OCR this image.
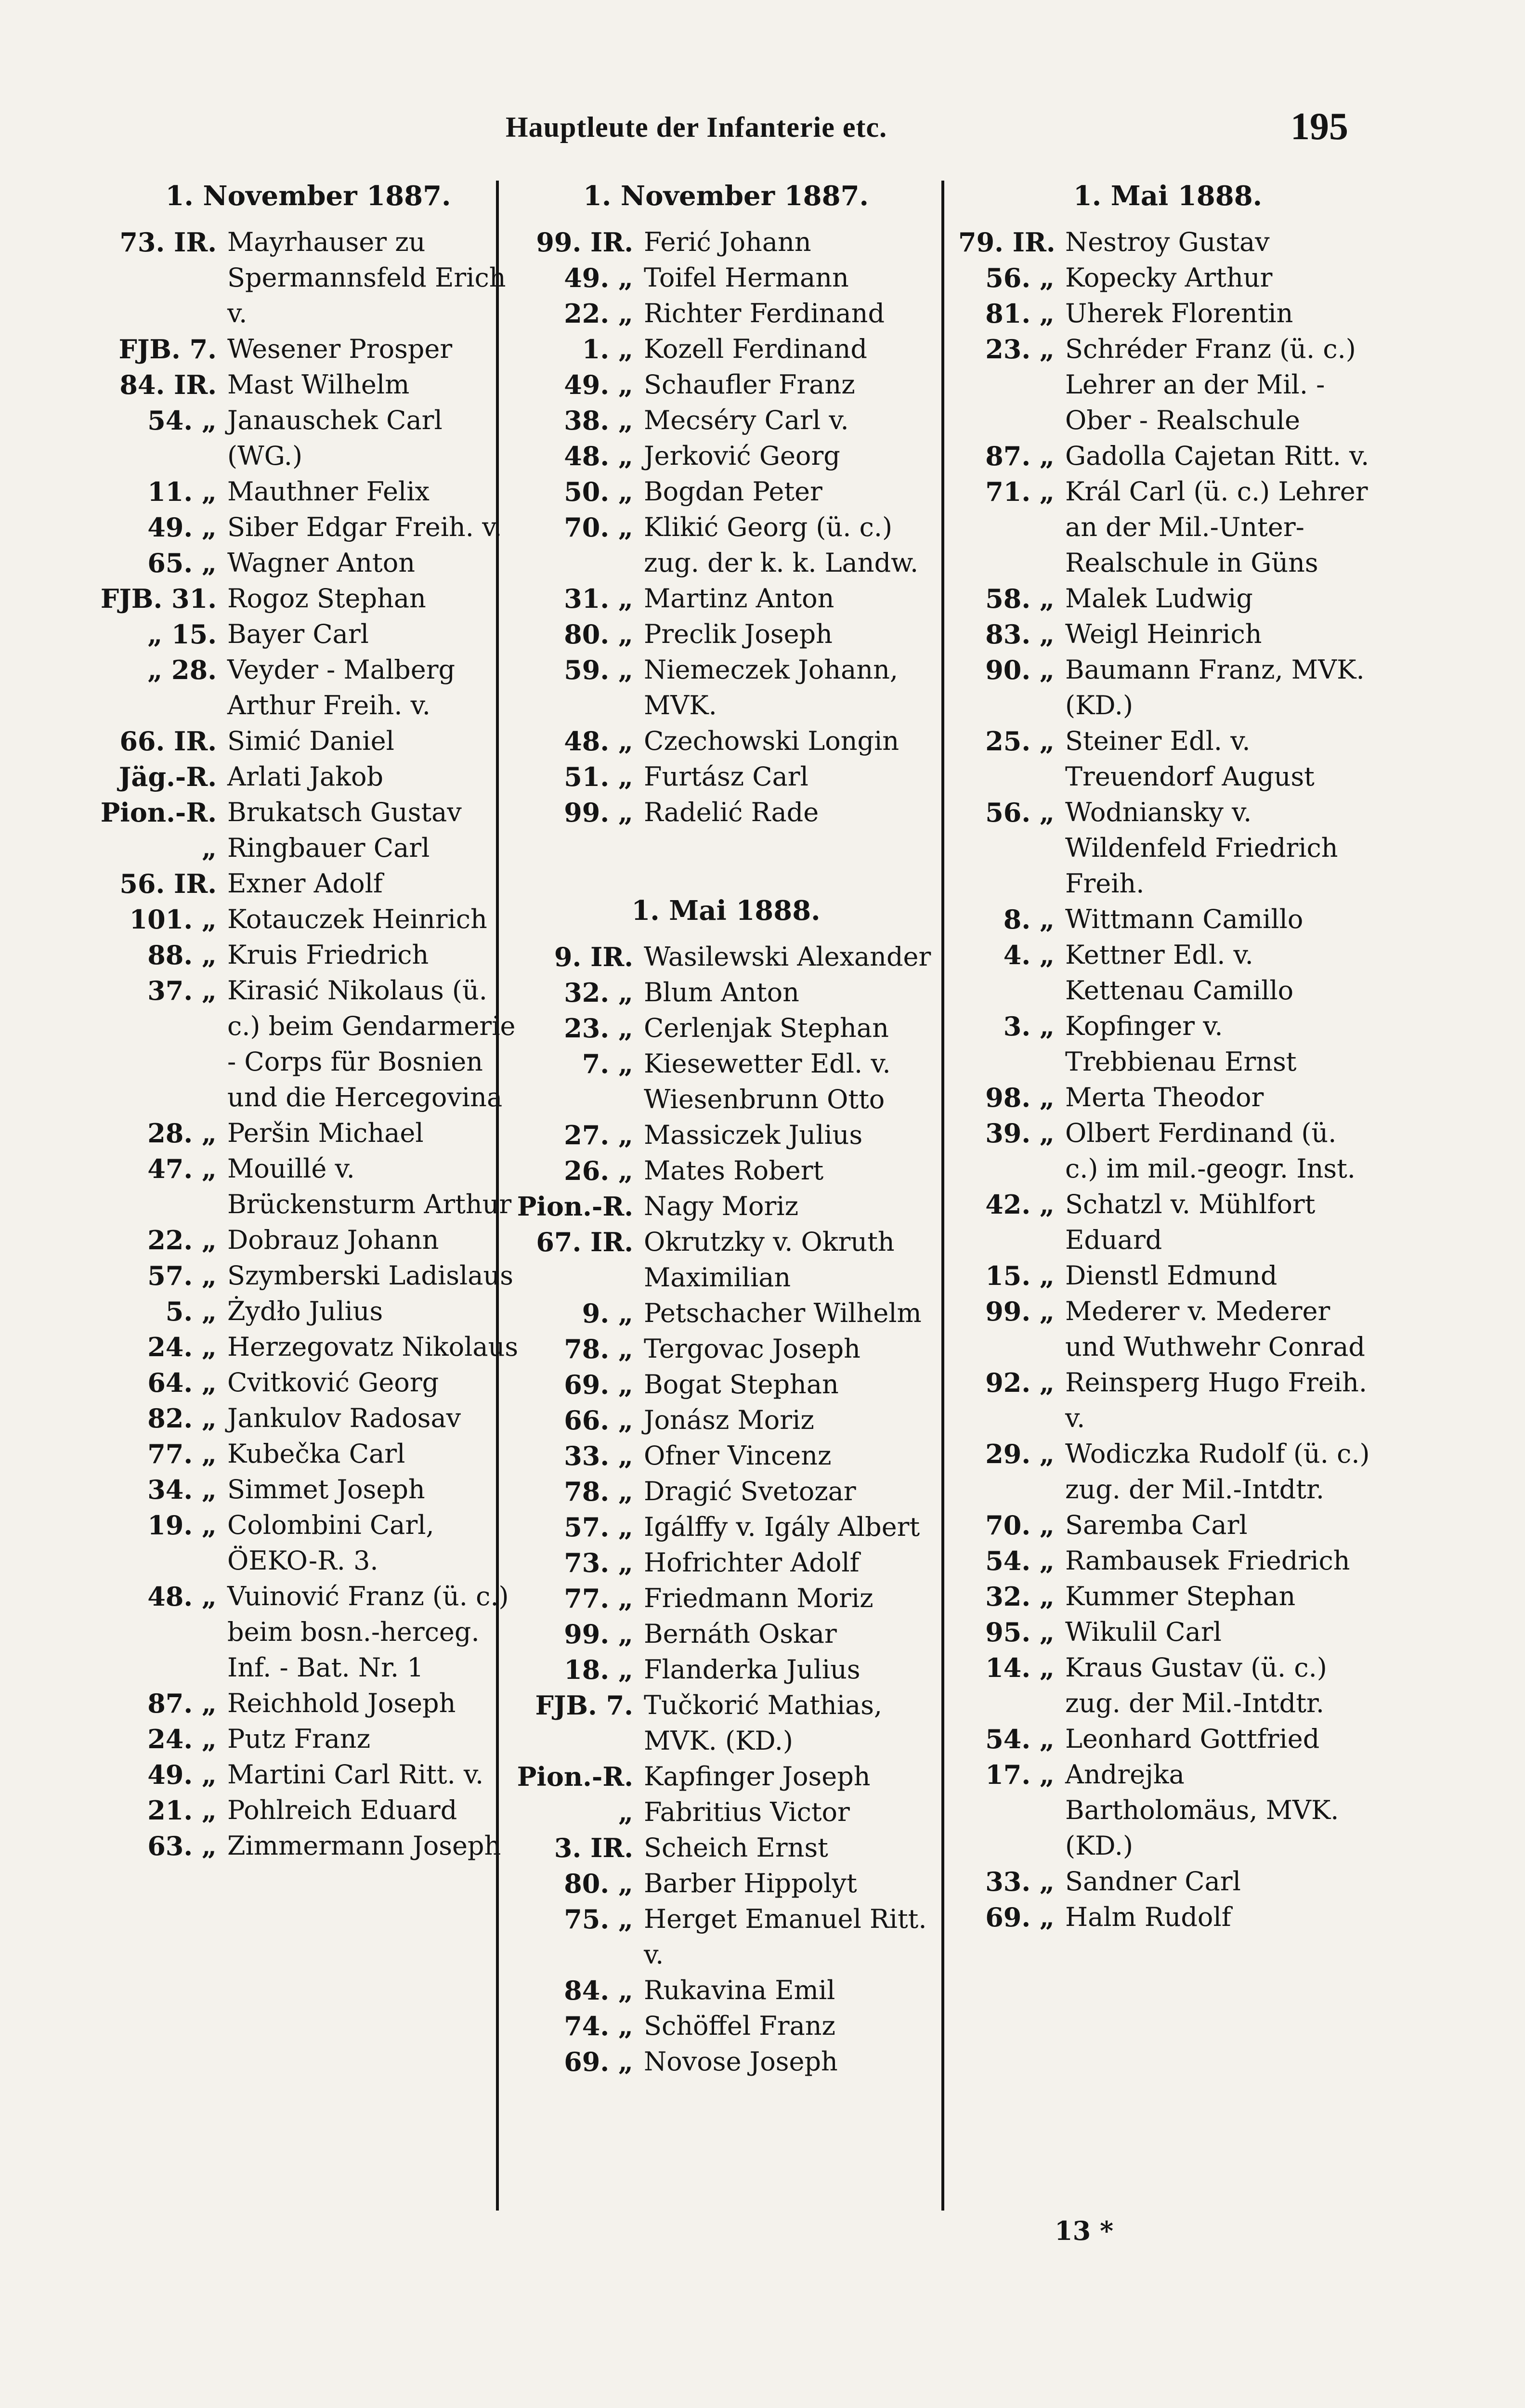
Hauptleute der Infanterie etc.	195
1. November 1887.
73. IR. Mayrhauser zu Spermannsfeld Erich v.
FJB. 7. Wesener Prosper
84. IR. Mast Wilhelm
54. „ Janauschek Carl (WG.)
11. „ Mauthner Felix
49. „ Siber Edgar Freih. v.
65. „ Wagner Anton
FJB. 31. Rogoz Stephan
„ 15. Bayer Carl
„ 28. Veyder - Malberg Arthur Freih. v.
66. IR. Simić Daniel
Jäg.-R. Arlati Jakob
Pion.-R. Brukatsch Gustav
„ Ringbauer Carl
56. IR. Exner Adolf
101. „ Kotauczek Heinrich
88. „ Kruis Friedrich
37. „ Kirasić Nikolaus (ü. c.) beim Gendarmerie - Corps für Bosnien und die Hercegovina
28. „ Peršin Michael
47. „ Mouillé v. Brückensturm Arthur
22. „ Dobrauz Johann
57. „ Szymberski Ladislaus
5. „ Żydło Julius
24. „ Herzegovatz Nikolaus
64. „ Cvitković Georg
82. „ Jankulov Radosav
77. „ Kubečka Carl
34. „ Simmet Joseph
19. „ Colombini Carl, ÖEKO-R. 3.
48. „ Vuinović Franz (ü. c.) beim bosn.-herceg. Inf. - Bat. Nr. 1
87. „ Reichhold Joseph
24. „ Putz Franz
49. „ Martini Carl Ritt. v.
21. „ Pohlreich Eduard
63. „ Zimmermann Joseph
1. November 1887.
99. IR. Ferić Johann
49. „ Toifel Hermann
22. „ Richter Ferdinand
1. „ Kozell Ferdinand
49. „ Schaufler Franz
38. „ Mecséry Carl v.
48. „ Jerković Georg
50. „ Bogdan Peter
70. „ Klikić Georg (ü. c.) zug. der k. k. Landw.
31. „ Martinz Anton
80. „ Preclik Joseph
59. „ Niemeczek Johann, MVK.
48. „ Czechowski Longin
51. „ Furtász Carl
99. „ Radelić Rade
1. Mai 1888.
9. IR. Wasilewski Alexander
32. „ Blum Anton
23. „ Cerlenjak Stephan
7. „ Kiesewetter Edl. v. Wiesenbrunn Otto
27. „ Massiczek Julius
26. „ Mates Robert
Pion.-R. Nagy Moriz
67. IR. Okrutzky v. Okruth Maximilian
9. „ Petschacher Wilhelm
78. „ Tergovac Joseph
69. „ Bogat Stephan
66. „ Jonász Moriz
33. „ Ofner Vincenz
78. „ Dragić Svetozar
57. „ Igálffy v. Igály Albert
73. „ Hofrichter Adolf
77. „ Friedmann Moriz
99. „ Bernáth Oskar
18. „ Flanderka Julius
FJB. 7. Tučkorić Mathias, MVK. (KD.)
Pion.-R. Kapfinger Joseph
„ Fabritius Victor
3. IR. Scheich Ernst
80. „ Barber Hippolyt
75. „ Herget Emanuel Ritt. v.
84. „ Rukavina Emil
74. „ Schöffel Franz
69. „ Novose Joseph
1. Mai 1888.
79. IR. Nestroy Gustav
56. „ Kopecky Arthur
81. „ Uherek Florentin
23. „ Schréder Franz (ü. c.) Lehrer an der Mil. - Ober - Realschule
87. „ Gadolla Cajetan Ritt. v.
71. „ Král Carl (ü. c.) Lehrer an der Mil.-Unter-Realschule in Güns
58. „ Malek Ludwig
83. „ Weigl Heinrich
90. „ Baumann Franz, MVK. (KD.)
25. „ Steiner Edl. v. Treuendorf August
56. „ Wodniansky v. Wildenfeld Friedrich Freih.
8. „ Wittmann Camillo
4. „ Kettner Edl. v. Kettenau Camillo
3. „ Kopfinger v. Trebbienau Ernst
98. „ Merta Theodor
39. „ Olbert Ferdinand (ü. c.) im mil.-geogr. Inst.
42. „ Schatzl v. Mühlfort Eduard
15. „ Dienstl Edmund
99. „ Mederer v. Mederer und Wuthwehr Conrad
92. „ Reinsperg Hugo Freih. v.
29. „ Wodiczka Rudolf (ü. c.) zug. der Mil.-Intdtr.
70. „ Saremba Carl
54. „ Rambausek Friedrich
32. „ Kummer Stephan
95. „ Wikulil Carl
14. „ Kraus Gustav (ü. c.) zug. der Mil.-Intdtr.
54. „ Leonhard Gottfried
17. „ Andrejka Bartholomäus, MVK. (KD.)
33. „ Sandner Carl
69. „ Halm Rudolf
13 *
